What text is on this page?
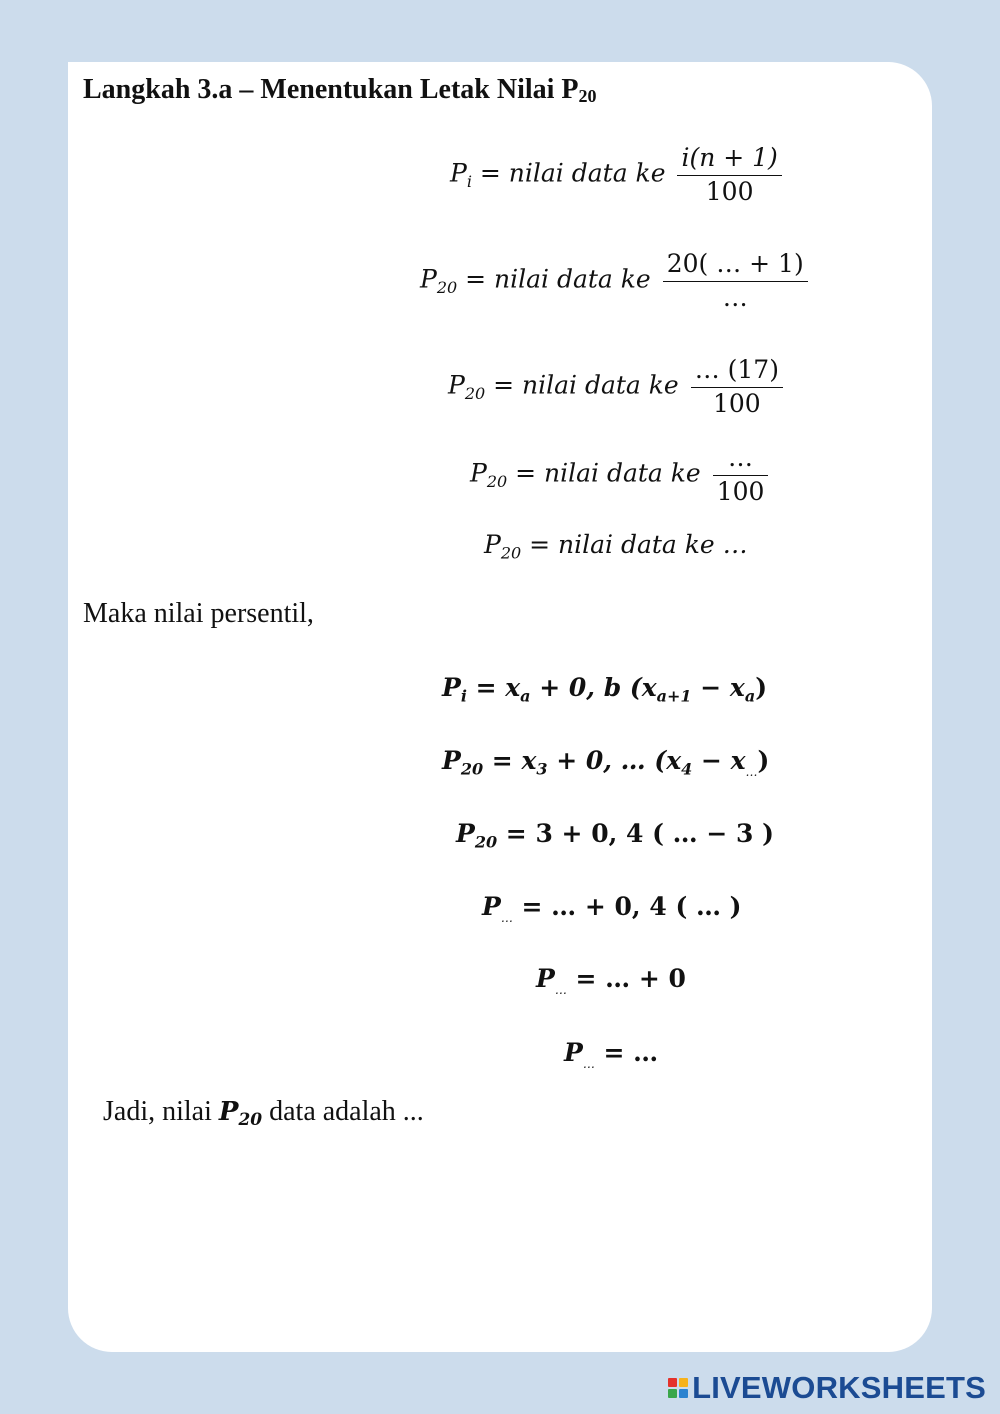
Langkah 3.a – Menentukan Letak Nilai P20
$P_i$ = nilai data ke $\frac{i(n + 1)}{100}$
$P_{20}$ = nilai data ke $\frac{20( \dots + 1)}{\dots}$
$P_{20}$ = nilai data ke $\frac{\dots (17)}{100}$
$P_{20}$ = nilai data ke $\frac{\dots}{100}$
$P_{20}$ = nilai data ke …
Maka nilai persentil,
$P_i = x_a + 0$, b $(x_{a+1} - x_a)$
$P_{20} = x_3 + 0$, … $(x_4 - x_\dots)$
$P_{20} = 3 + 0$, 4 ( … − 3 )
$P_\dots$ = … + 0, 4 ( … )
$P_\dots$ = … + 0
$P_\dots$ = …
Jadi, nilai $P_{20}$ data adalah ...
LIVEWORKSHEETS
